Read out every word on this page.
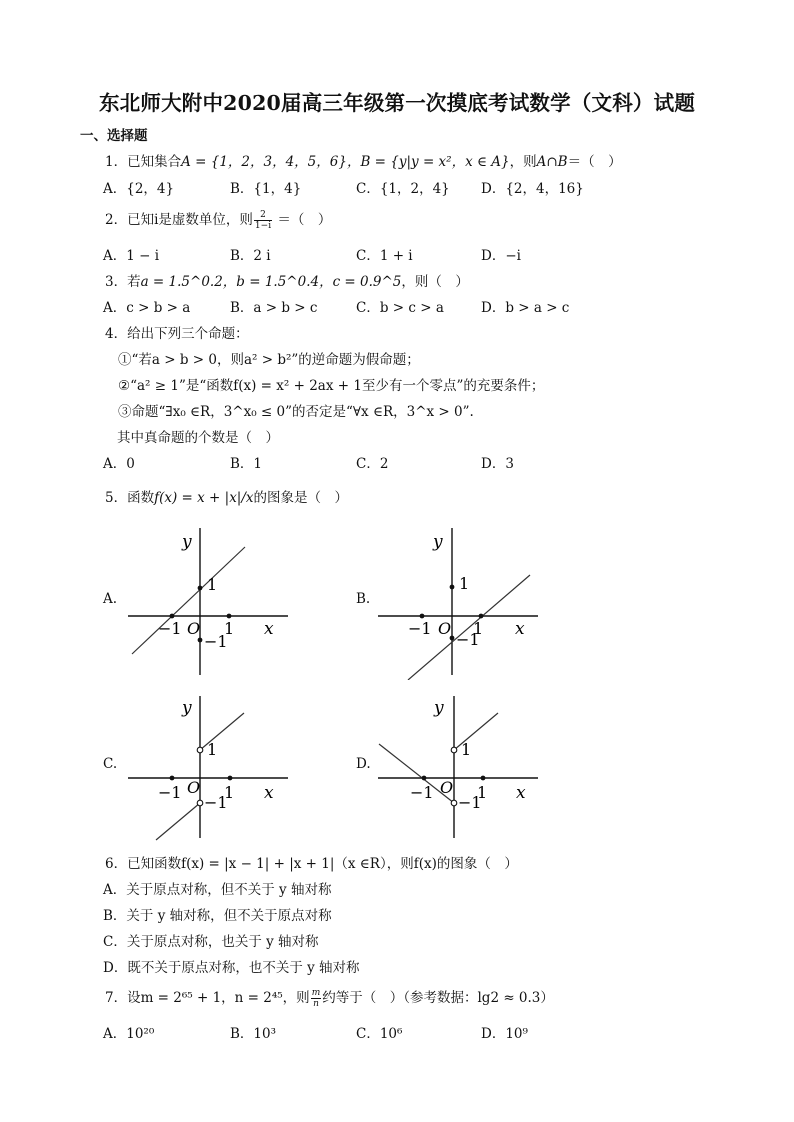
东北师大附中2020届高三年级第一次摸底考试数学（文科）试题
一、选择题
1．已知集合A = {1，2，3，4，5，6}，B = {y|y = x²，x ∈ A}，则A∩B＝（　）
A．{2，4}	B．{1，4}	C．{1，2，4} D．{2，4，16}
2．已知i是虚数单位，则 $\frac{2}{1-i}$ ＝（　）
A．1 − i	B．2 i	C．1 + i	D．−i
3．若a = 1.5^0.2，b = 1.5^0.4，c = 0.9^5，则（　）
A．c > b > a	B．a > b > c	C．b > c > a	D．b > a > c
4．给出下列三个命题：
①“若a > b > 0，则a² > b²”的逆命题为假命题；
②“a² ≥ 1”是“函数f(x) = x² + 2ax + 1至少有一个零点”的充要条件；
③命题“∃x₀ ∈R，3^x₀ ≤ 0”的否定是“∀x ∈R，3^x > 0”.
其中真命题的个数是（　）
A．0	B．1	C．2	D．3
5．函数f(x) = x + |x|/x的图象是（　）
A.	B.
C.	D.
y
x
O
1
1
−1
−1
y
x
O
1
1
−1
−1
y
x
O
1
1
−1
−1
y
x
O
1
1
−1
−1
6．已知函数f(x) = |x − 1| + |x + 1|（x ∈R），则f(x)的图象（　）
A．关于原点对称，但不关于 y 轴对称
B．关于 y 轴对称，但不关于原点对称
C．关于原点对称，也关于 y 轴对称
D．既不关于原点对称，也不关于 y 轴对称
7．设m = 2⁶⁵ + 1，n = 2⁴⁵，则 $\frac{m}{n}$ 约等于（　）（参考数据：lg2 ≈ 0.3）
A．10²⁰	B．10³	C．10⁶	D．10⁹
